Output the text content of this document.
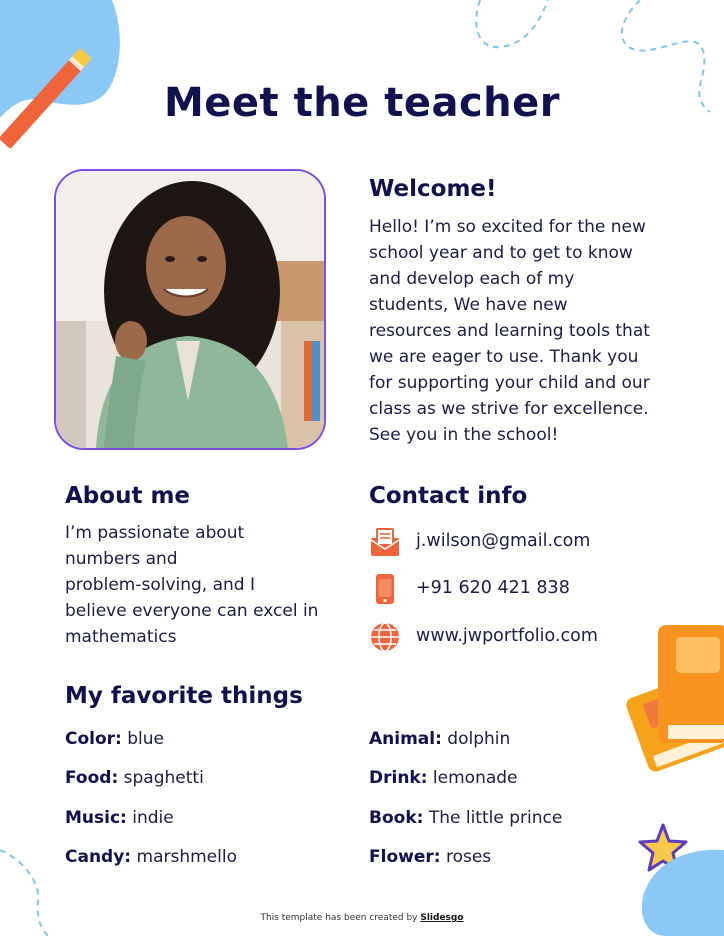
Meet the teacher
Welcome!
Hello! I’m so excited for the new
school year and to get to know
and develop each of my
students, We have new
resources and learning tools that
we are eager to use. Thank you
for supporting your child and our
class as we strive for excellence.
See you in the school!
About me
I’m passionate about
numbers and
problem-solving, and I
believe everyone can excel in
mathematics
Contact info
j.wilson@gmail.com
+91 620 421 838
www.jwportfolio.com
My favorite things
Color: blue
Food: spaghetti
Music: indie
Candy: marshmello
Animal: dolphin
Drink: lemonade
Book: The little prince
Flower: roses
This template has been created by Slidesgo
